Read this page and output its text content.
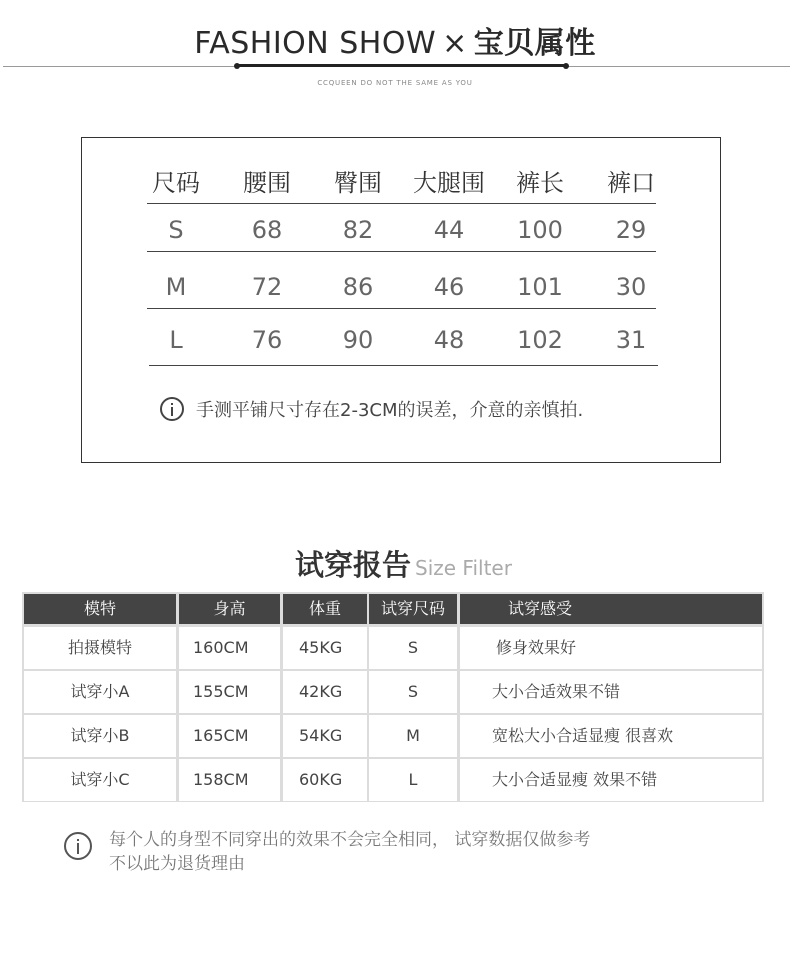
FASHION SHOW × 宝贝属性
CCQUEEN DO NOT THE SAME AS YOU
尺码	腰围	臀围	大腿围	裤长	裤口
S	68	82	44	100	29
M	72	86	46	101	30
L	76	90	48	102	31
手测平铺尺寸存在2-3CM的误差，介意的亲慎拍.
试穿报告 Size Filter
模特	身高	体重	试穿尺码	试穿感受
拍摄模特	160CM	45KG	S	修身效果好
试穿小A	155CM	42KG	S	大小合适效果不错
试穿小B	165CM	54KG	M	宽松大小合适显瘦 很喜欢
试穿小C	158CM	60KG	L	大小合适显瘦 效果不错
每个人的身型不同穿出的效果不会完全相同， 试穿数据仅做参考
不以此为退货理由
